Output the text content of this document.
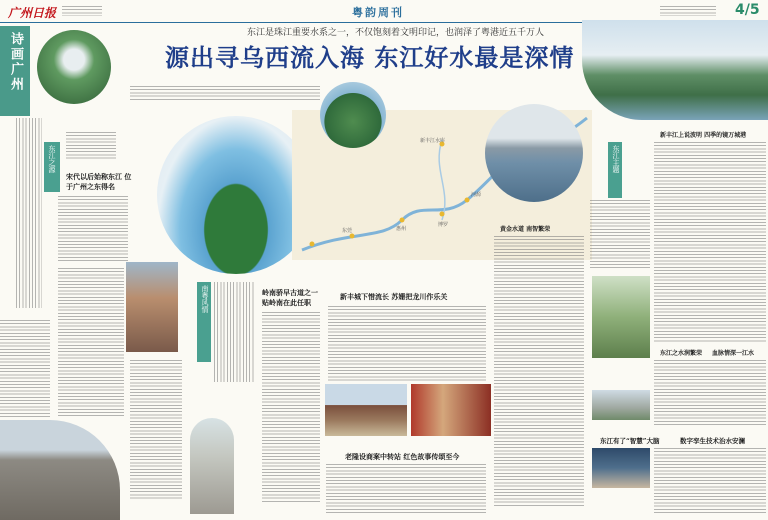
广州日报	粤韵周刊	4/5
诗画广州
东江之源
东江是珠江重要水系之一，不仅饱刻着文明印记，也润泽了粤港近五千万人
源出寻乌西流入海 东江好水最是深情
河源
新丰江水库
博罗
惠州
东莞
宋代以后始称东江 位于广州之东得名
南粤风情	岭南骄早古道之一 贴岭南在此任职
新丰城下惜流长 苏姗把龙川作乐关
老隆设商案中转站 红色故事传颂至今
黄金水道 南智繁荣
东江主题
新丰江上说波明 四季的镜万城港
东江之水润繁荣 血脉情深一江水
东江有了“智慧”大脑	数字孪生技术治水安澜
